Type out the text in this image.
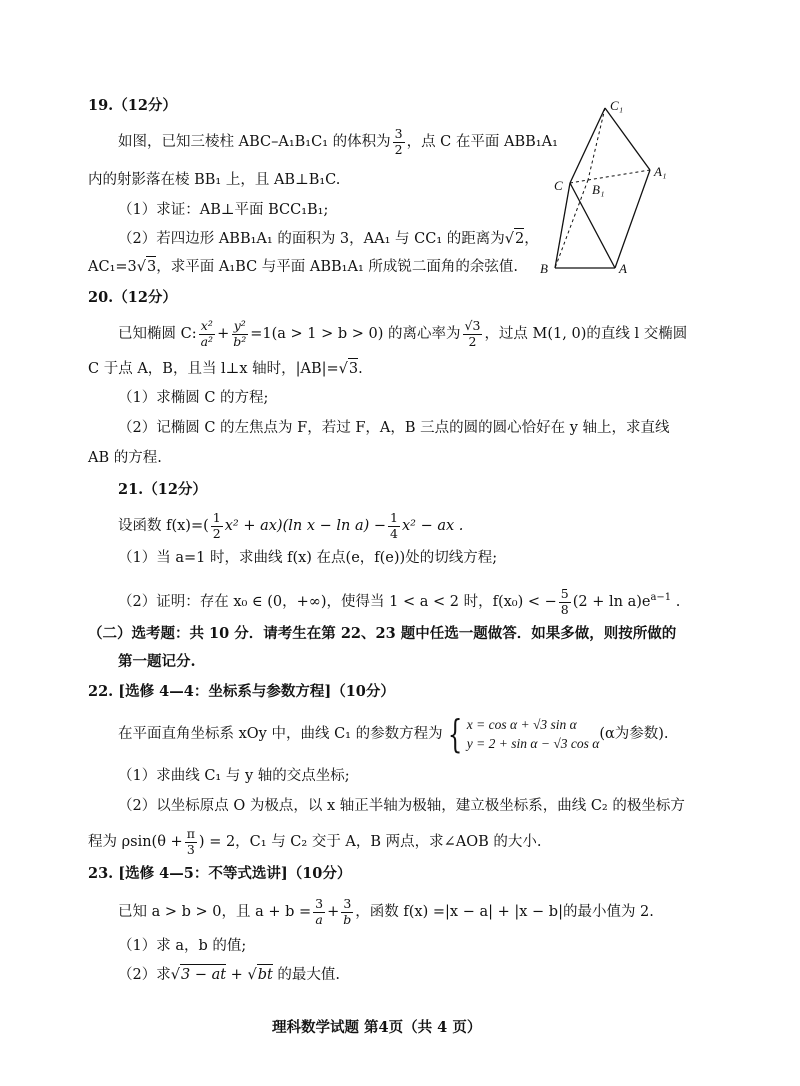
19.（12分）
如图，已知三棱柱 ABC–A₁B₁C₁ 的体积为 $\frac{3}{2}$ ，点 C 在平面 ABB₁A₁
内的射影落在棱 BB₁ 上，且 AB⊥B₁C.
（1）求证：AB⊥平面 BCC₁B₁;
（2）若四边形 ABB₁A₁ 的面积为 3，AA₁ 与 CC₁ 的距离为√2，
AC₁=3√3，求平面 A₁BC 与平面 ABB₁A₁ 所成锐二面角的余弦值.
C₁
C B₁
A₁
B	A
20.（12分）
已知椭圆 C: $\frac{\text{x²}}{\text{a²}} + \frac{\text{y²}}{\text{b²}} =1(a > 1 > b > 0)$ 的离心率为 $\frac{√3}{2}$ ，过点 M(1, 0)的直线 l 交椭圆
C 于点 A，B，且当 l⊥x 轴时，|AB|=√3.
（1）求椭圆 C 的方程;
（2）记椭圆 C 的左焦点为 F，若过 F，A，B 三点的圆的圆心恰好在 y 轴上，求直线
AB 的方程.
21.（12分）
设函数 $f(x)=( \frac{1}{2} x^2 + ax)(\ln$ $x - \ln a) - \frac{1}{4} x^2$ − ax .
（1）当 a=1 时，求曲线 f(x) 在点(e，f(e))处的切线方程;
（2）证明：存在 x₀ ∈ (0，+∞)，使得当 1 < a < 2 时，f(x₀) < − $\frac{5}{8} (2 + \ln a)e^{a-1}$ .
（二）选考题：共 10 分．请考生在第 22、23 题中任选一题做答．如果多做，则按所做的
第一题记分.
22. [选修 4—4：坐标系与参数方程]（10分）
在平面直角坐标系 xOy 中，曲线 C₁ 的参数方程为 { x = cos α + √3 sin α
y = 2 + sin α − √3 cos α
(α为参数).
（1）求曲线 C₁ 与 y 轴的交点坐标;
（2）以坐标原点 O 为极点，以 x 轴正半轴为极轴，建立极坐标系，曲线 C₂ 的极坐标方
程为 $\rho\sin(\theta + \frac{\pi}{3}$ ) = 2，C₁ 与 C₂ 交于 A，B 两点，求∠AOB 的大小.
23. [选修 4—5：不等式选讲]（10分）
已知 a > b > 0，且 $a + b = \frac{3}{a} + \frac{3}{b}$ ，函数 f(x) =|x − a| + |x − b|的最小值为 2.
（1）求 a，b 的值;
（2）求√3 − at + √bt 的最大值.
理科数学试题 第4页（共 4 页）
